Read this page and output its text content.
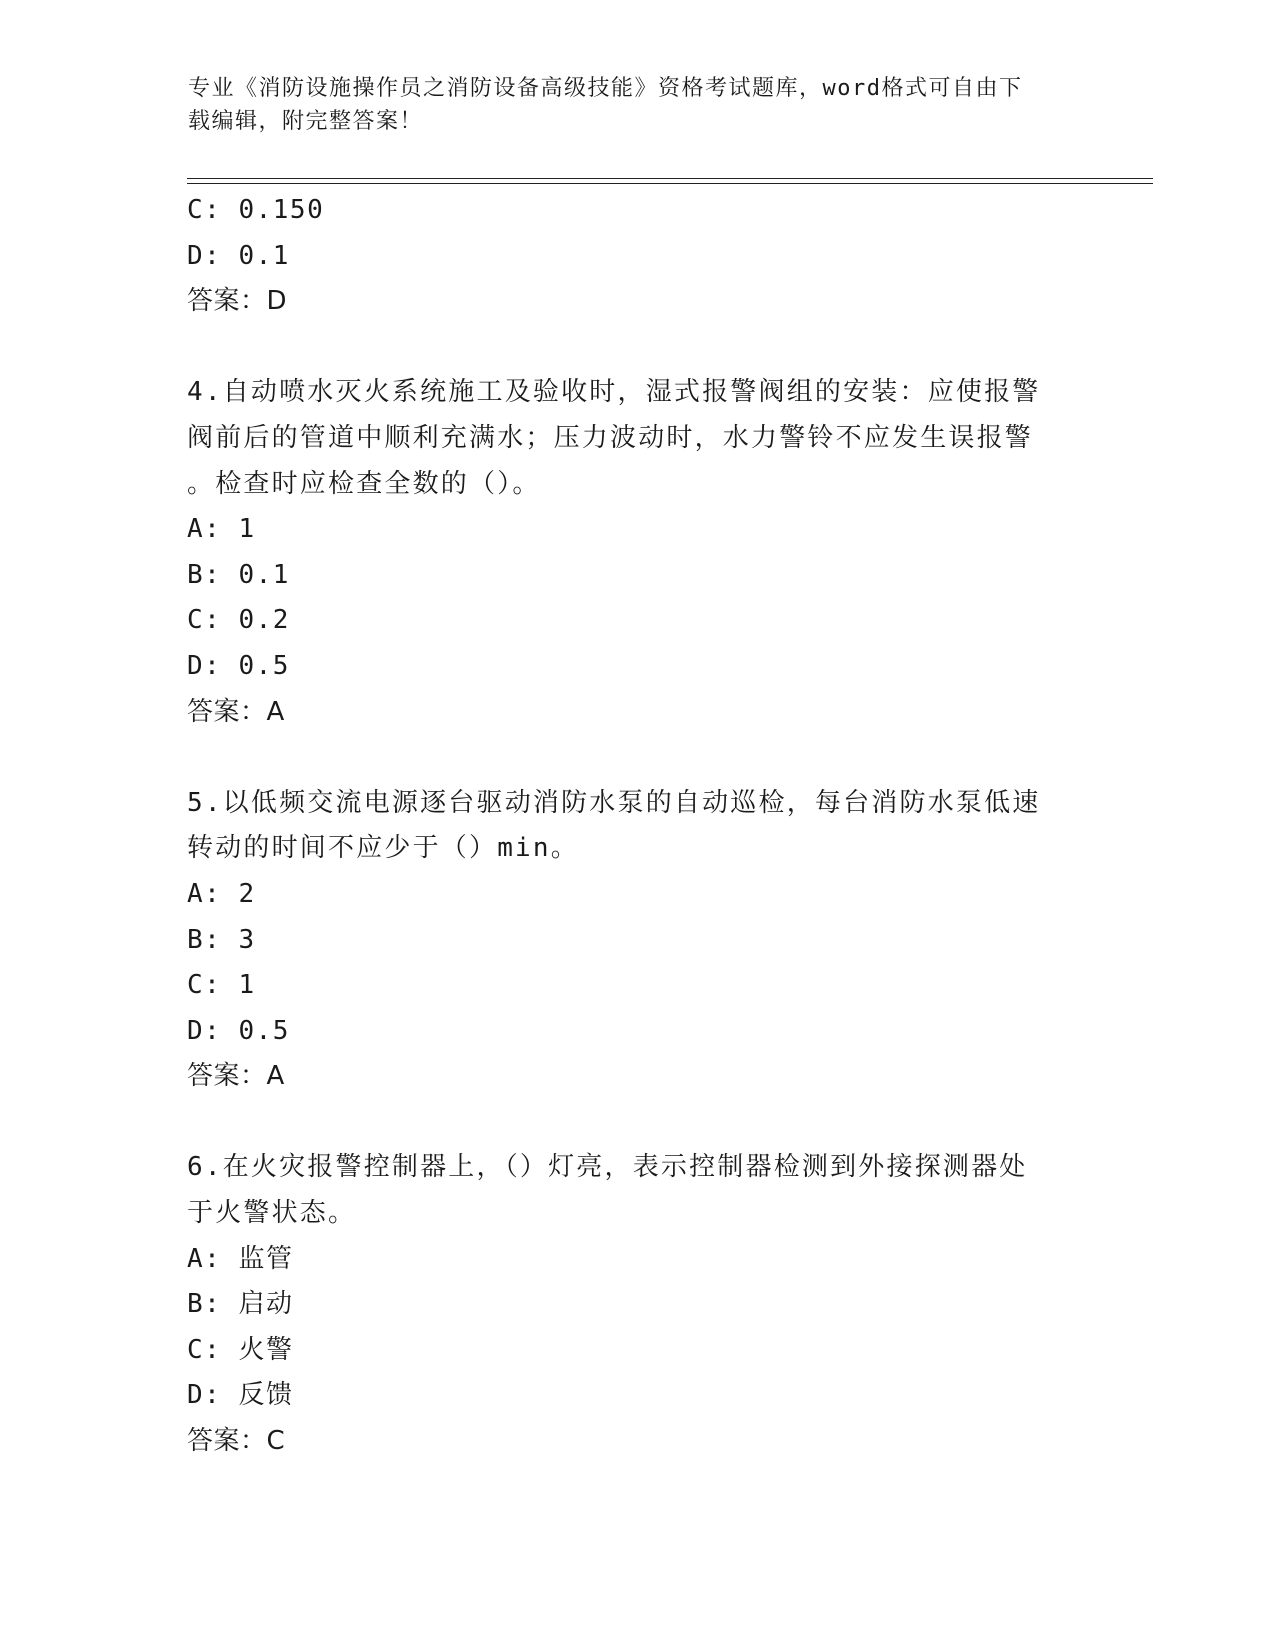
专业《消防设施操作员之消防设备高级技能》资格考试题库，word格式可自由下
载编辑，附完整答案！
C: 0.150
D: 0.1
答案：D
4.自动喷水灭火系统施工及验收时，湿式报警阀组的安装：应使报警
阀前后的管道中顺利充满水；压力波动时，水力警铃不应发生误报警
。检查时应检查全数的（）。
A: 1
B: 0.1
C: 0.2
D: 0.5
答案：A
5.以低频交流电源逐台驱动消防水泵的自动巡检，每台消防水泵低速
转动的时间不应少于（）min。
A: 2
B: 3
C: 1
D: 0.5
答案：A
6.在火灾报警控制器上，（）灯亮，表示控制器检测到外接探测器处
于火警状态。
A: 监管
B: 启动
C: 火警
D: 反馈
答案：C
